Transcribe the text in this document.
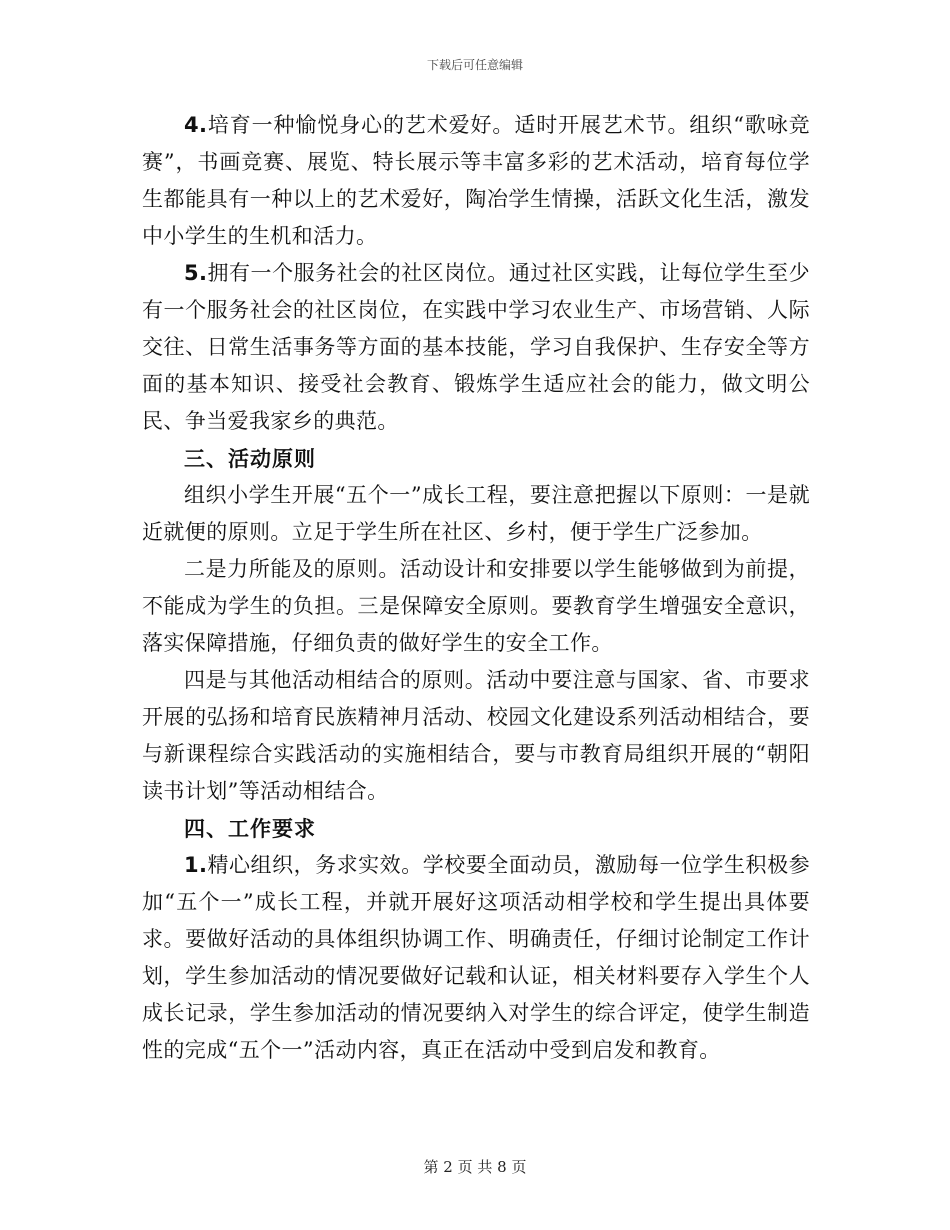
下载后可任意编辑

4.培育一种愉悦身心的艺术爱好。适时开展艺术节。组织“歌咏竞赛”，书画竞赛、展览、特长展示等丰富多彩的艺术活动，培育每位学生都能具有一种以上的艺术爱好，陶冶学生情操，活跃文化生活，激发中小学生的生机和活力。

5.拥有一个服务社会的社区岗位。通过社区实践，让每位学生至少有一个服务社会的社区岗位，在实践中学习农业生产、市场营销、人际交往、日常生活事务等方面的基本技能，学习自我保护、生存安全等方面的基本知识、接受社会教育、锻炼学生适应社会的能力，做文明公民、争当爱我家乡的典范。

三、活动原则

组织小学生开展“五个一”成长工程，要注意把握以下原则：一是就近就便的原则。立足于学生所在社区、乡村，便于学生广泛参加。

二是力所能及的原则。活动设计和安排要以学生能够做到为前提，不能成为学生的负担。三是保障安全原则。要教育学生增强安全意识，落实保障措施，仔细负责的做好学生的安全工作。

四是与其他活动相结合的原则。活动中要注意与国家、省、市要求开展的弘扬和培育民族精神月活动、校园文化建设系列活动相结合，要与新课程综合实践活动的实施相结合，要与市教育局组织开展的“朝阳读书计划”等活动相结合。

四、工作要求

1.精心组织，务求实效。学校要全面动员，激励每一位学生积极参加“五个一”成长工程，并就开展好这项活动相学校和学生提出具体要求。要做好活动的具体组织协调工作、明确责任，仔细讨论制定工作计划，学生参加活动的情况要做好记载和认证，相关材料要存入学生个人成长记录，学生参加活动的情况要纳入对学生的综合评定，使学生制造性的完成“五个一”活动内容，真正在活动中受到启发和教育。

第 2 页 共 8 页
